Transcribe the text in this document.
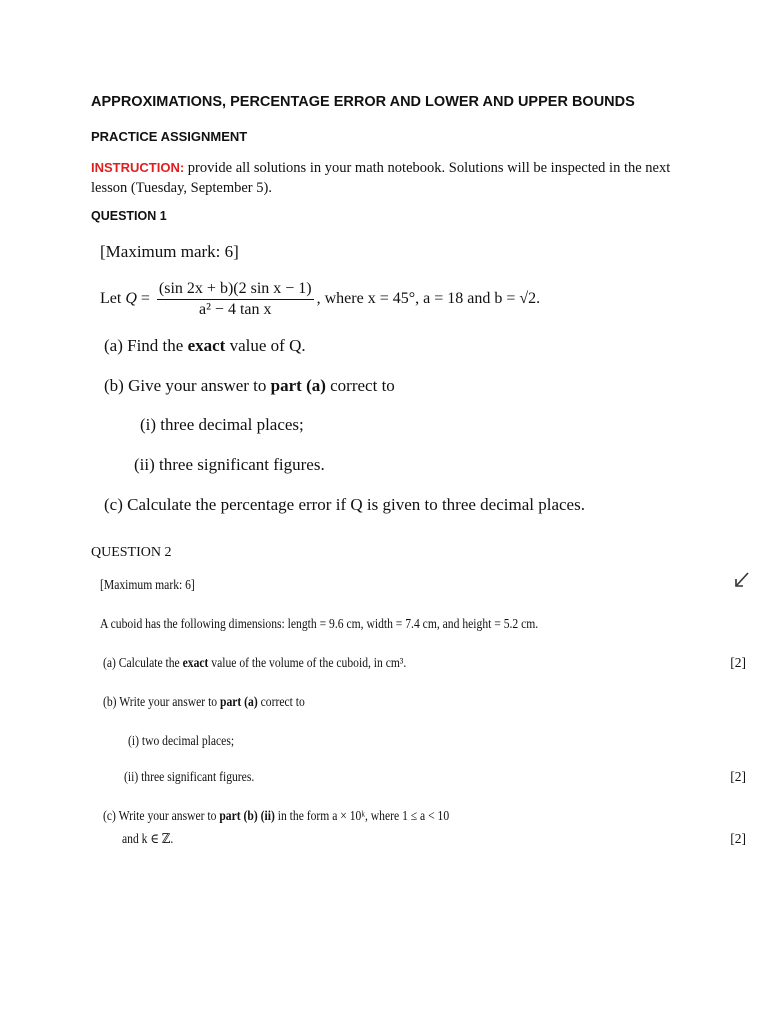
APPROXIMATIONS, PERCENTAGE ERROR AND LOWER AND UPPER BOUNDS
PRACTICE ASSIGNMENT
INSTRUCTION: provide all solutions in your math notebook. Solutions will be inspected in the next lesson (Tuesday, September 5).
QUESTION 1
[Maximum mark: 6]
Let $Q = \frac{\text{(sin 2x + b)(2 sin x − 1)}}{\text{a² − 4 tan x}}$ , where x = 45°, a = 18 and b = √2.
(a) Find the exact value of Q.
(b) Give your answer to part (a) correct to
(i) three decimal places;
(ii) three significant figures.
(c) Calculate the percentage error if Q is given to three decimal places.
QUESTION 2
[Maximum mark: 6]
A cuboid has the following dimensions: length = 9.6 cm, width = 7.4 cm, and height = 5.2 cm.
(a) Calculate the exact value of the volume of the cuboid, in cm³.	[2]
(b) Write your answer to part (a) correct to
(i) two decimal places;
(ii) three significant figures.	[2]
(c) Write your answer to part (b) (ii) in the form a × 10ᵏ, where 1 ≤ a < 10
and k ∈ ℤ.	[2]
